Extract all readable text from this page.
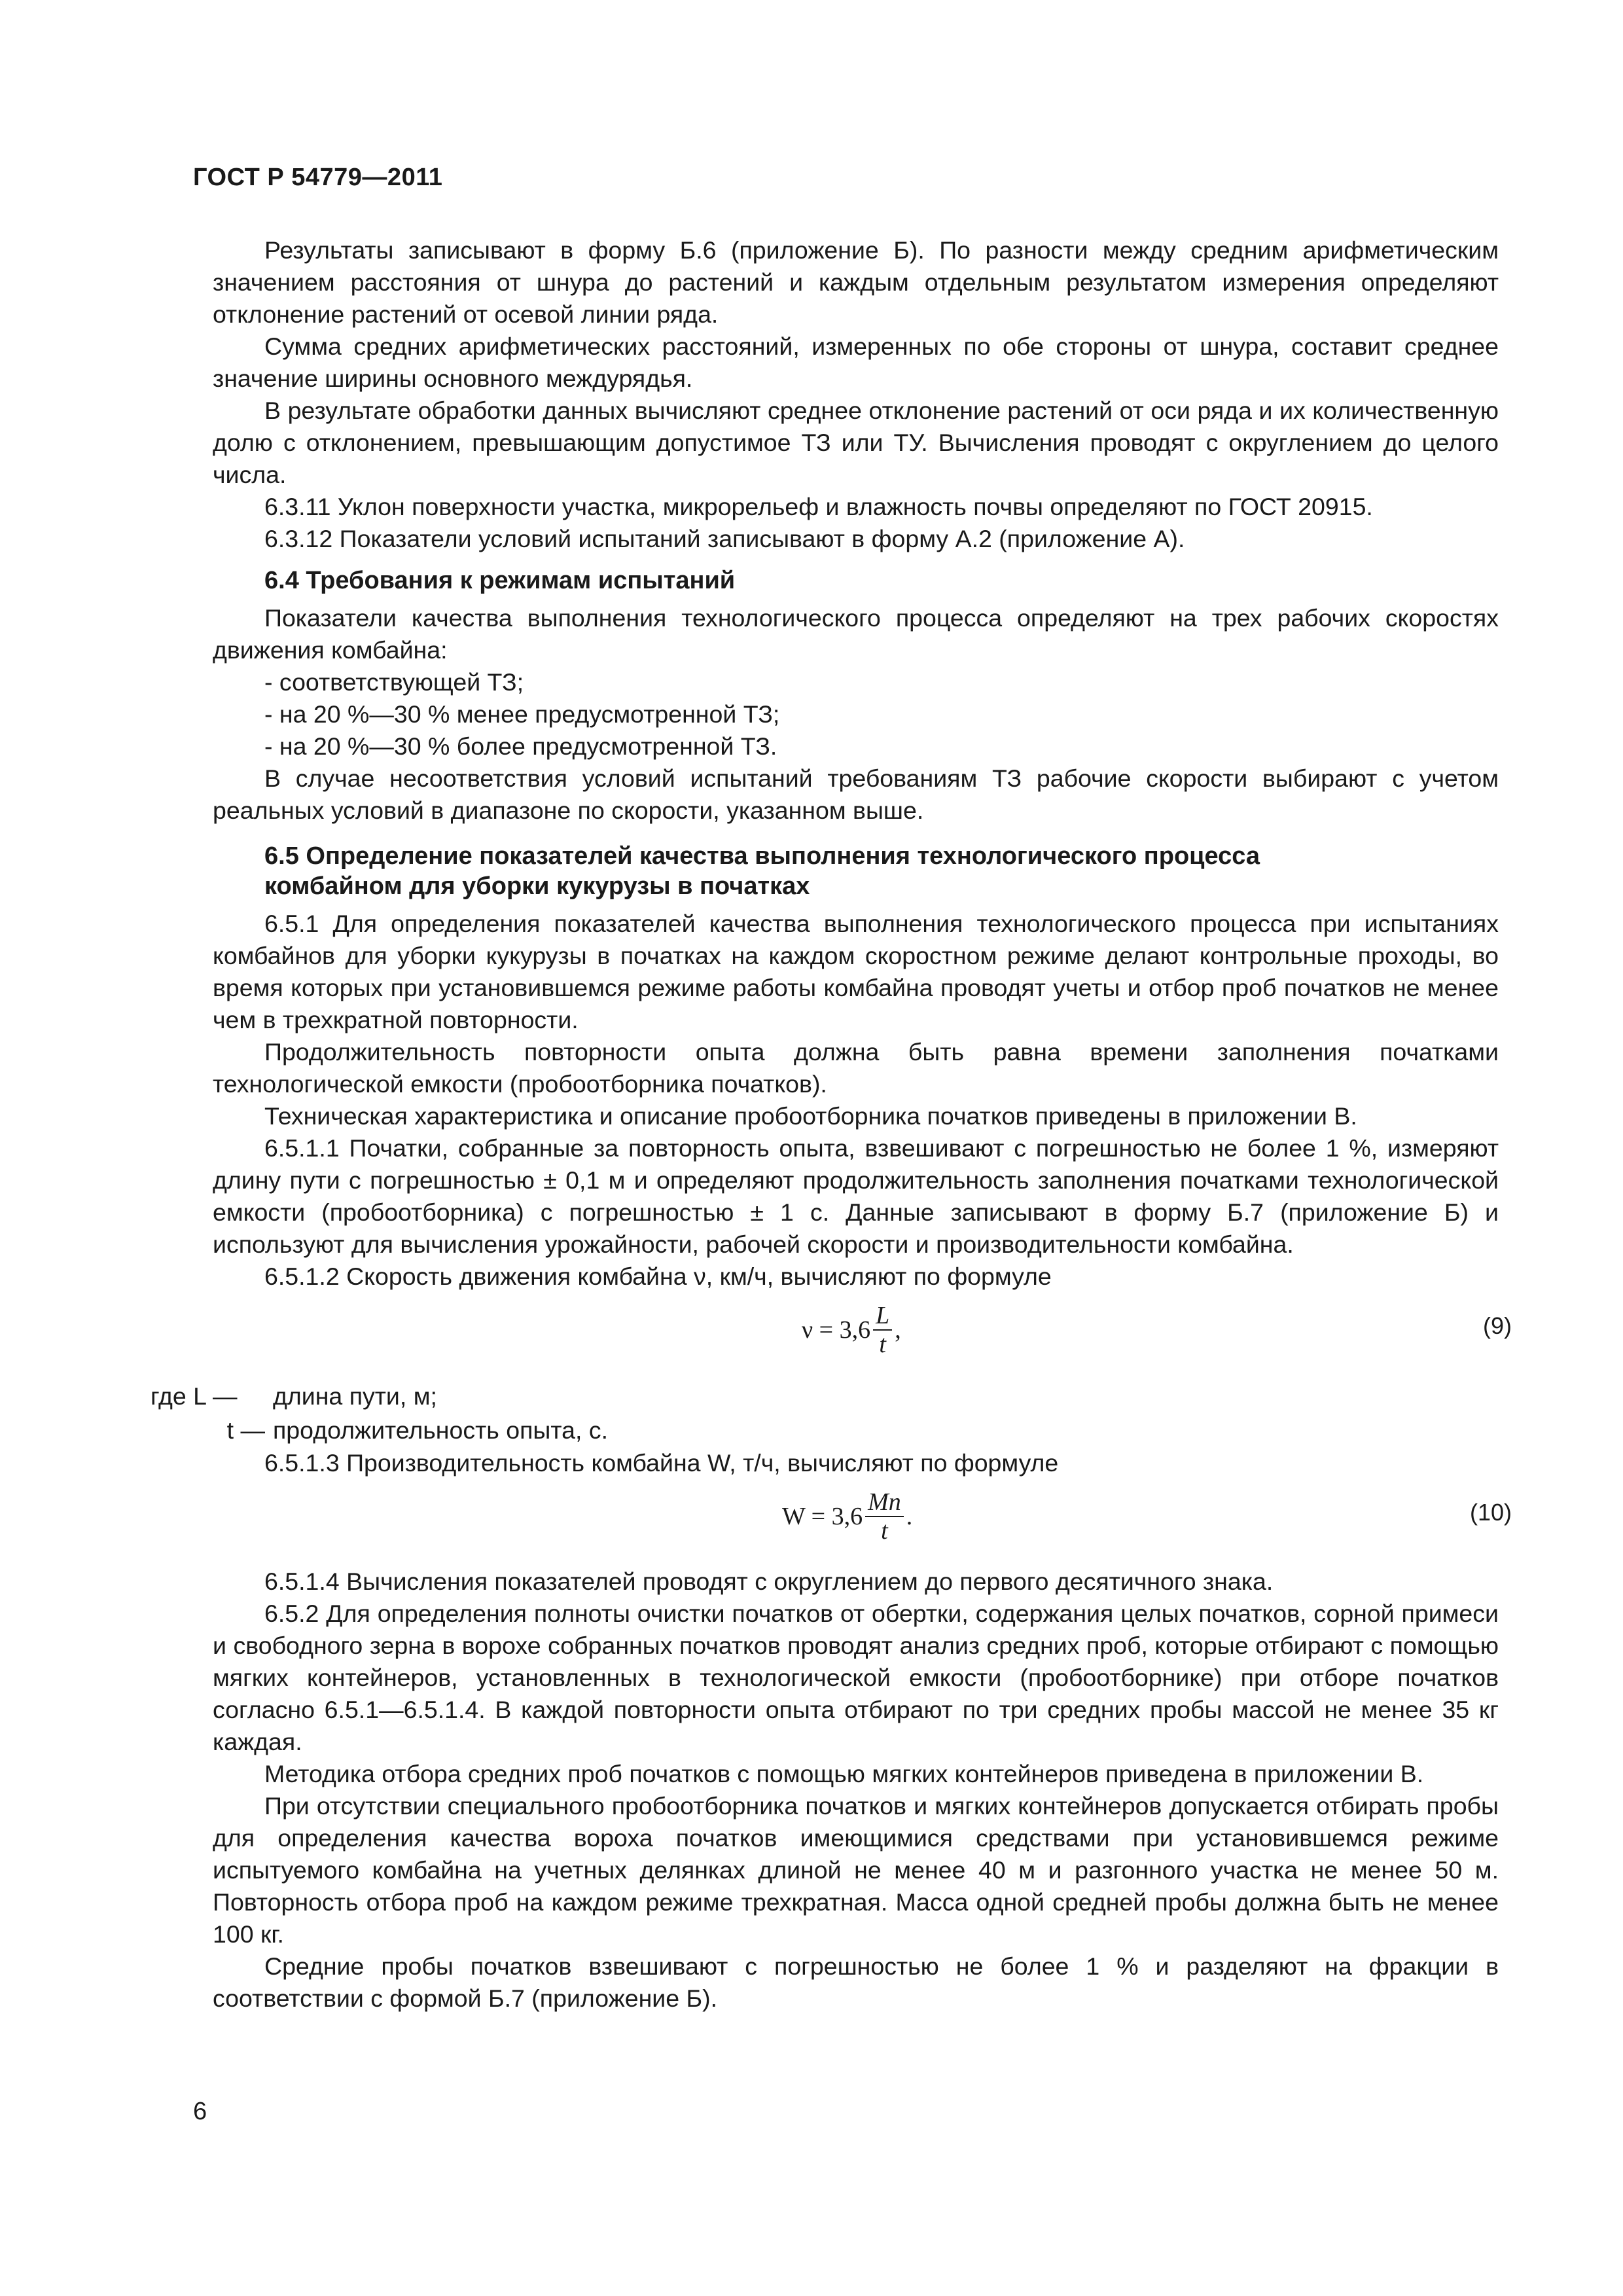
ГОСТ Р 54779—2011

Результаты записывают в форму Б.6 (приложение Б). По разности между средним арифметическим значением расстояния от шнура до растений и каждым отдельным результатом измерения определяют отклонение растений от осевой линии ряда.

Сумма средних арифметических расстояний, измеренных по обе стороны от шнура, составит среднее значение ширины основного междурядья.

В результате обработки данных вычисляют среднее отклонение растений от оси ряда и их количественную долю с отклонением, превышающим допустимое ТЗ или ТУ. Вычисления проводят с округлением до целого числа.

6.3.11 Уклон поверхности участка, микрорельеф и влажность почвы определяют по ГОСТ 20915.

6.3.12 Показатели условий испытаний записывают в форму А.2 (приложение А).

6.4 Требования к режимам испытаний

Показатели качества выполнения технологического процесса определяют на трех рабочих скоростях движения комбайна:

- соответствующей ТЗ;

- на 20 %—30 % менее предусмотренной ТЗ;

- на 20 %—30 % более предусмотренной ТЗ.

В случае несоответствия условий испытаний требованиям ТЗ рабочие скорости выбирают с учетом реальных условий в диапазоне по скорости, указанном выше.

6.5 Определение показателей качества выполнения технологического процесса
комбайном для уборки кукурузы в початках

6.5.1 Для определения показателей качества выполнения технологического процесса при испытаниях комбайнов для уборки кукурузы в початках на каждом скоростном режиме делают контрольные проходы, во время которых при установившемся режиме работы комбайна проводят учеты и отбор проб початков не менее чем в трехкратной повторности.

Продолжительность повторности опыта должна быть равна времени заполнения початками технологической емкости (пробоотборника початков).

Техническая характеристика и описание пробоотборника початков приведены в приложении В.

6.5.1.1 Початки, собранные за повторность опыта, взвешивают с погрешностью не более 1 %, измеряют длину пути с погрешностью ± 0,1 м и определяют продолжительность заполнения початками технологической емкости (пробоотборника) с погрешностью ± 1 с. Данные записывают в форму Б.7 (приложение Б) и используют для вычисления урожайности, рабочей скорости и производительности комбайна.

6.5.1.2 Скорость движения комбайна ν, км/ч, вычисляют по формуле

$\nu = 3,6 \frac{L}{t}$ ,	(9)
где L —	длина пути, м;
t — продолжительность опыта, с.

6.5.1.3 Производительность комбайна W, т/ч, вычисляют по формуле

$W = 3,6 \frac{Mп}{t}$ .	(10)

6.5.1.4 Вычисления показателей проводят с округлением до первого десятичного знака.

6.5.2 Для определения полноты очистки початков от обертки, содержания целых початков, сорной примеси и свободного зерна в ворохе собранных початков проводят анализ средних проб, которые отбирают с помощью мягких контейнеров, установленных в технологической емкости (пробоотборнике) при отборе початков согласно 6.5.1—6.5.1.4. В каждой повторности опыта отбирают по три средних пробы массой не менее 35 кг каждая.

Методика отбора средних проб початков с помощью мягких контейнеров приведена в приложении В.

При отсутствии специального пробоотборника початков и мягких контейнеров допускается отбирать пробы для определения качества вороха початков имеющимися средствами при установившемся режиме испытуемого комбайна на учетных делянках длиной не менее 40 м и разгонного участка не менее 50 м. Повторность отбора проб на каждом режиме трехкратная. Масса одной средней пробы должна быть не менее 100 кг.

Средние пробы початков взвешивают с погрешностью не более 1 % и разделяют на фракции в соответствии с формой Б.7 (приложение Б).

6
